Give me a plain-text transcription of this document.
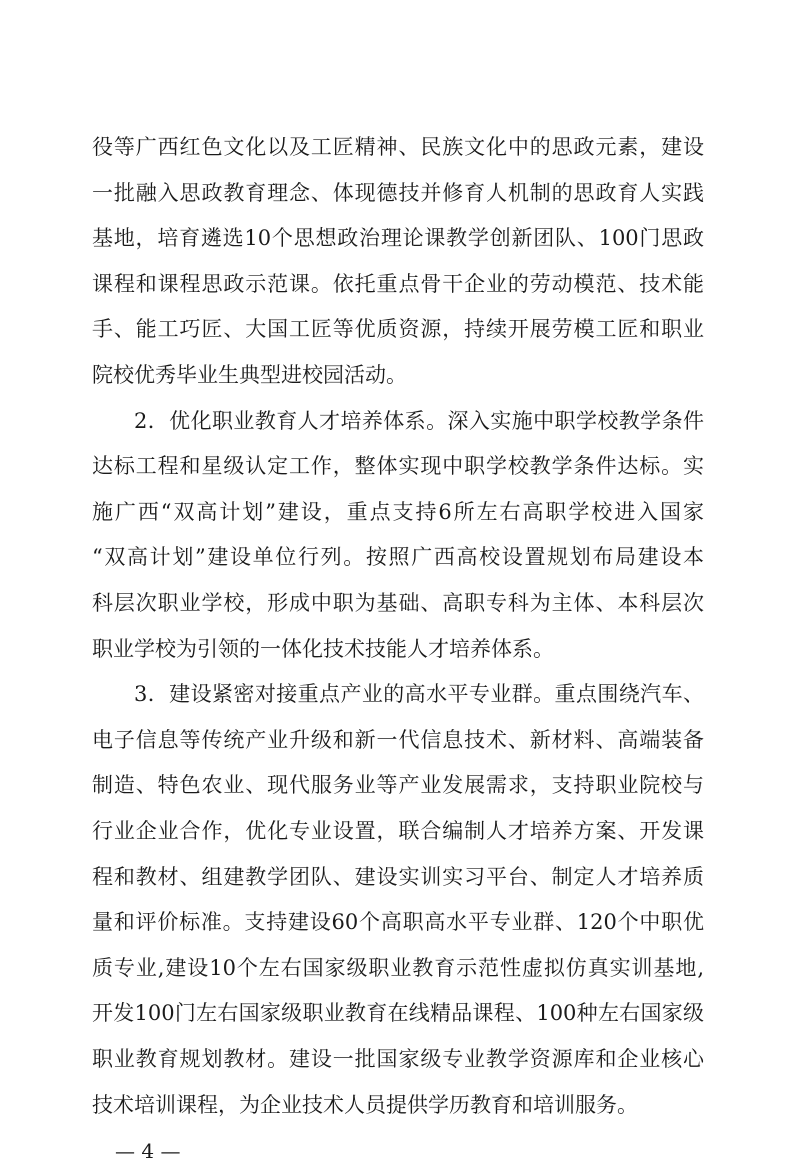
役等广西红色文化以及工匠精神、民族文化中的思政元素，建设
一批融入思政教育理念、体现德技并修育人机制的思政育人实践
基地，培育遴选10个思想政治理论课教学创新团队、100门思政
课程和课程思政示范课。依托重点骨干企业的劳动模范、技术能
手、能工巧匠、大国工匠等优质资源，持续开展劳模工匠和职业
院校优秀毕业生典型进校园活动。
2．优化职业教育人才培养体系。深入实施中职学校教学条件
达标工程和星级认定工作，整体实现中职学校教学条件达标。实
施广西“双高计划”建设，重点支持6所左右高职学校进入国家
“双高计划”建设单位行列。按照广西高校设置规划布局建设本
科层次职业学校，形成中职为基础、高职专科为主体、本科层次
职业学校为引领的一体化技术技能人才培养体系。
3．建设紧密对接重点产业的高水平专业群。重点围绕汽车、
电子信息等传统产业升级和新一代信息技术、新材料、高端装备
制造、特色农业、现代服务业等产业发展需求，支持职业院校与
行业企业合作，优化专业设置，联合编制人才培养方案、开发课
程和教材、组建教学团队、建设实训实习平台、制定人才培养质
量和评价标准。支持建设60个高职高水平专业群、120个中职优
质专业,建设10个左右国家级职业教育示范性虚拟仿真实训基地,
开发100门左右国家级职业教育在线精品课程、100种左右国家级
职业教育规划教材。建设一批国家级专业教学资源库和企业核心
技术培训课程，为企业技术人员提供学历教育和培训服务。
— 4 —
